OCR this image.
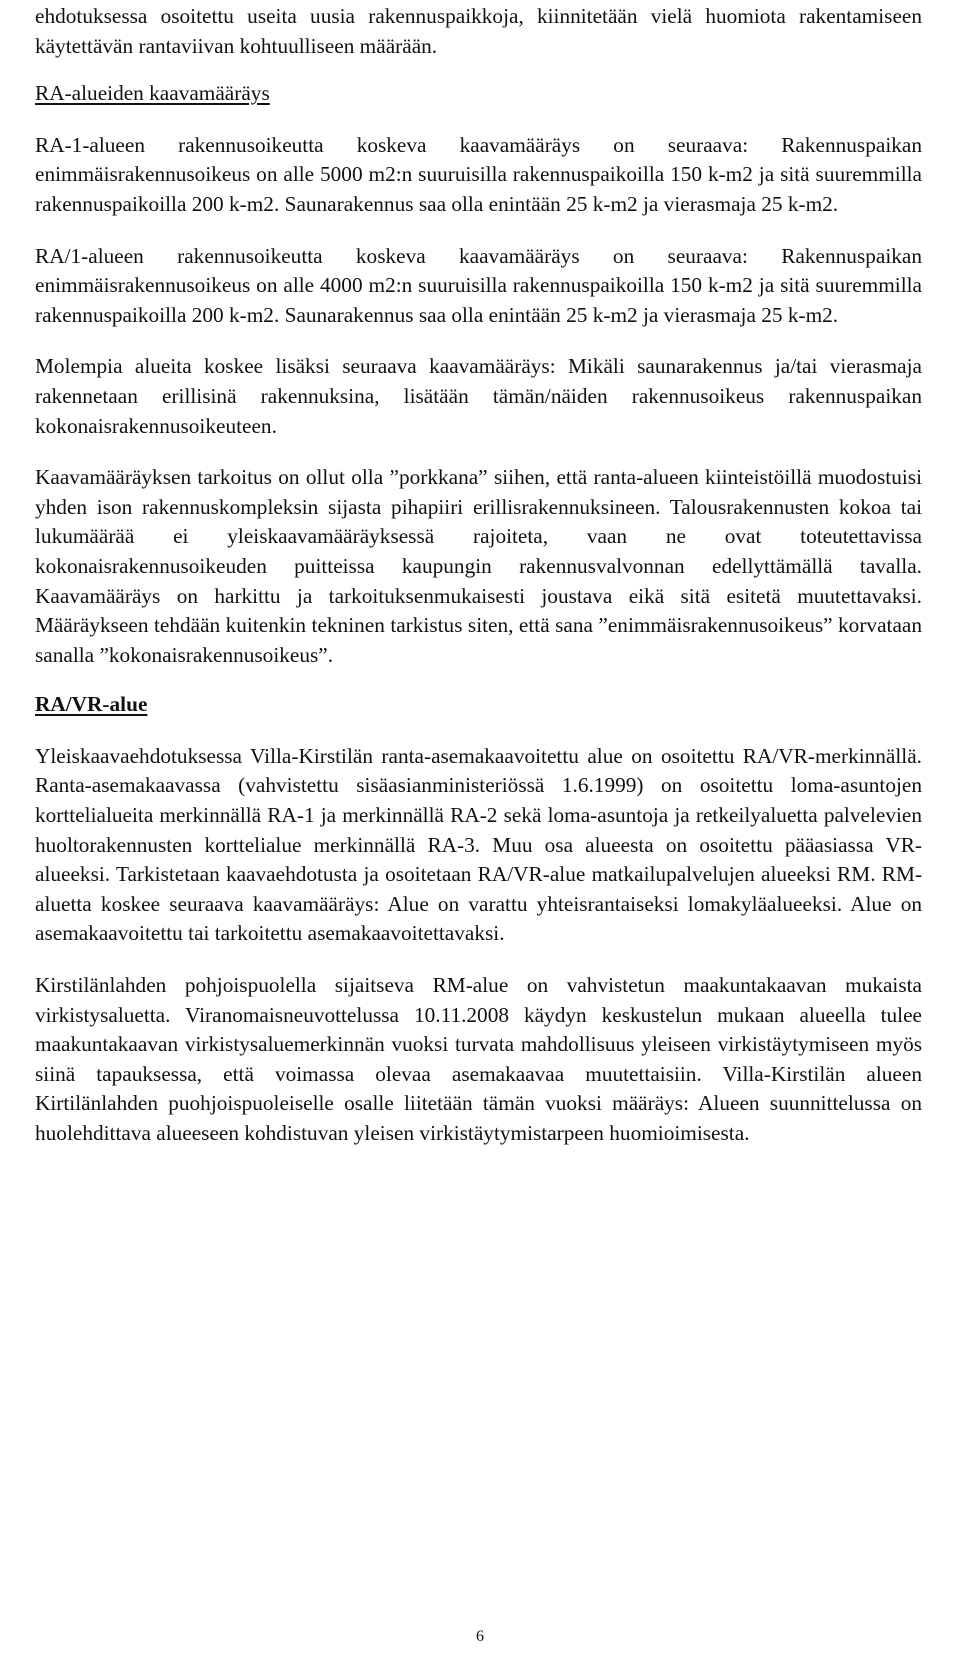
ehdotuksessa osoitettu useita uusia rakennuspaikkoja, kiinnitetään vielä huomiota rakentamiseen käytettävän rantaviivan kohtuulliseen määrään.

RA-alueiden kaavamääräys

RA-1-alueen rakennusoikeutta koskeva kaavamääräys on seuraava: Rakennuspaikan enimmäisrakennusoikeus on alle 5000 m2:n suuruisilla rakennuspaikoilla 150 k-m2 ja sitä suuremmilla rakennuspaikoilla 200 k-m2. Saunarakennus saa olla enintään 25 k-m2 ja vierasmaja 25 k-m2.

RA/1-alueen rakennusoikeutta koskeva kaavamääräys on seuraava: Rakennuspaikan enimmäisrakennusoikeus on alle 4000 m2:n suuruisilla rakennuspaikoilla 150 k-m2 ja sitä suuremmilla rakennuspaikoilla 200 k-m2. Saunarakennus saa olla enintään 25 k-m2 ja vierasmaja 25 k-m2.

Molempia alueita koskee lisäksi seuraava kaavamääräys: Mikäli saunarakennus ja/tai vierasmaja rakennetaan erillisinä rakennuksina, lisätään tämän/näiden rakennusoikeus rakennuspaikan kokonaisrakennusoikeuteen.

Kaavamääräyksen tarkoitus on ollut olla ”porkkana” siihen, että ranta-alueen kiinteistöillä muodostuisi yhden ison rakennuskompleksin sijasta pihapiiri erillisrakennuksineen. Talousrakennusten kokoa tai lukumäärää ei yleiskaavamääräyksessä rajoiteta, vaan ne ovat toteutettavissa kokonaisrakennusoikeuden puitteissa kaupungin rakennusvalvonnan edellyttämällä tavalla. Kaavamääräys on harkittu ja tarkoituksenmukaisesti joustava eikä sitä esitetä muutettavaksi. Määräykseen tehdään kuitenkin tekninen tarkistus siten, että sana ”enimmäisrakennusoikeus” korvataan sanalla ”kokonaisrakennusoikeus”.

RA/VR-alue

Yleiskaavaehdotuksessa Villa-Kirstilän ranta-asemakaavoitettu alue on osoitettu RA/VR-merkinnällä. Ranta-asemakaavassa (vahvistettu sisäasianministeriössä 1.6.1999) on osoitettu loma-asuntojen korttelialueita merkinnällä RA-1 ja merkinnällä RA-2 sekä loma-asuntoja ja retkeilyaluetta palvelevien huoltorakennusten korttelialue merkinnällä RA-3. Muu osa alueesta on osoitettu pääasiassa VR-alueeksi. Tarkistetaan kaavaehdotusta ja osoitetaan RA/VR-alue matkailupalvelujen alueeksi RM. RM-aluetta koskee seuraava kaavamääräys: Alue on varattu yhteisrantaiseksi lomakyläalueeksi. Alue on asemakaavoitettu tai tarkoitettu asemakaavoitettavaksi.

Kirstilänlahden pohjoispuolella sijaitseva RM-alue on vahvistetun maakuntakaavan mukaista virkistysaluetta. Viranomaisneuvottelussa 10.11.2008 käydyn keskustelun mukaan alueella tulee maakuntakaavan virkistysaluemerkinnän vuoksi turvata mahdollisuus yleiseen virkistäytymiseen myös siinä tapauksessa, että voimassa olevaa asemakaavaa muutettaisiin. Villa-Kirstilän alueen Kirtilänlahden puohjoispuoleiselle osalle liitetään tämän vuoksi määräys: Alueen suunnittelussa on huolehdittava alueeseen kohdistuvan yleisen virkistäytymistarpeen huomioimisesta.

6
